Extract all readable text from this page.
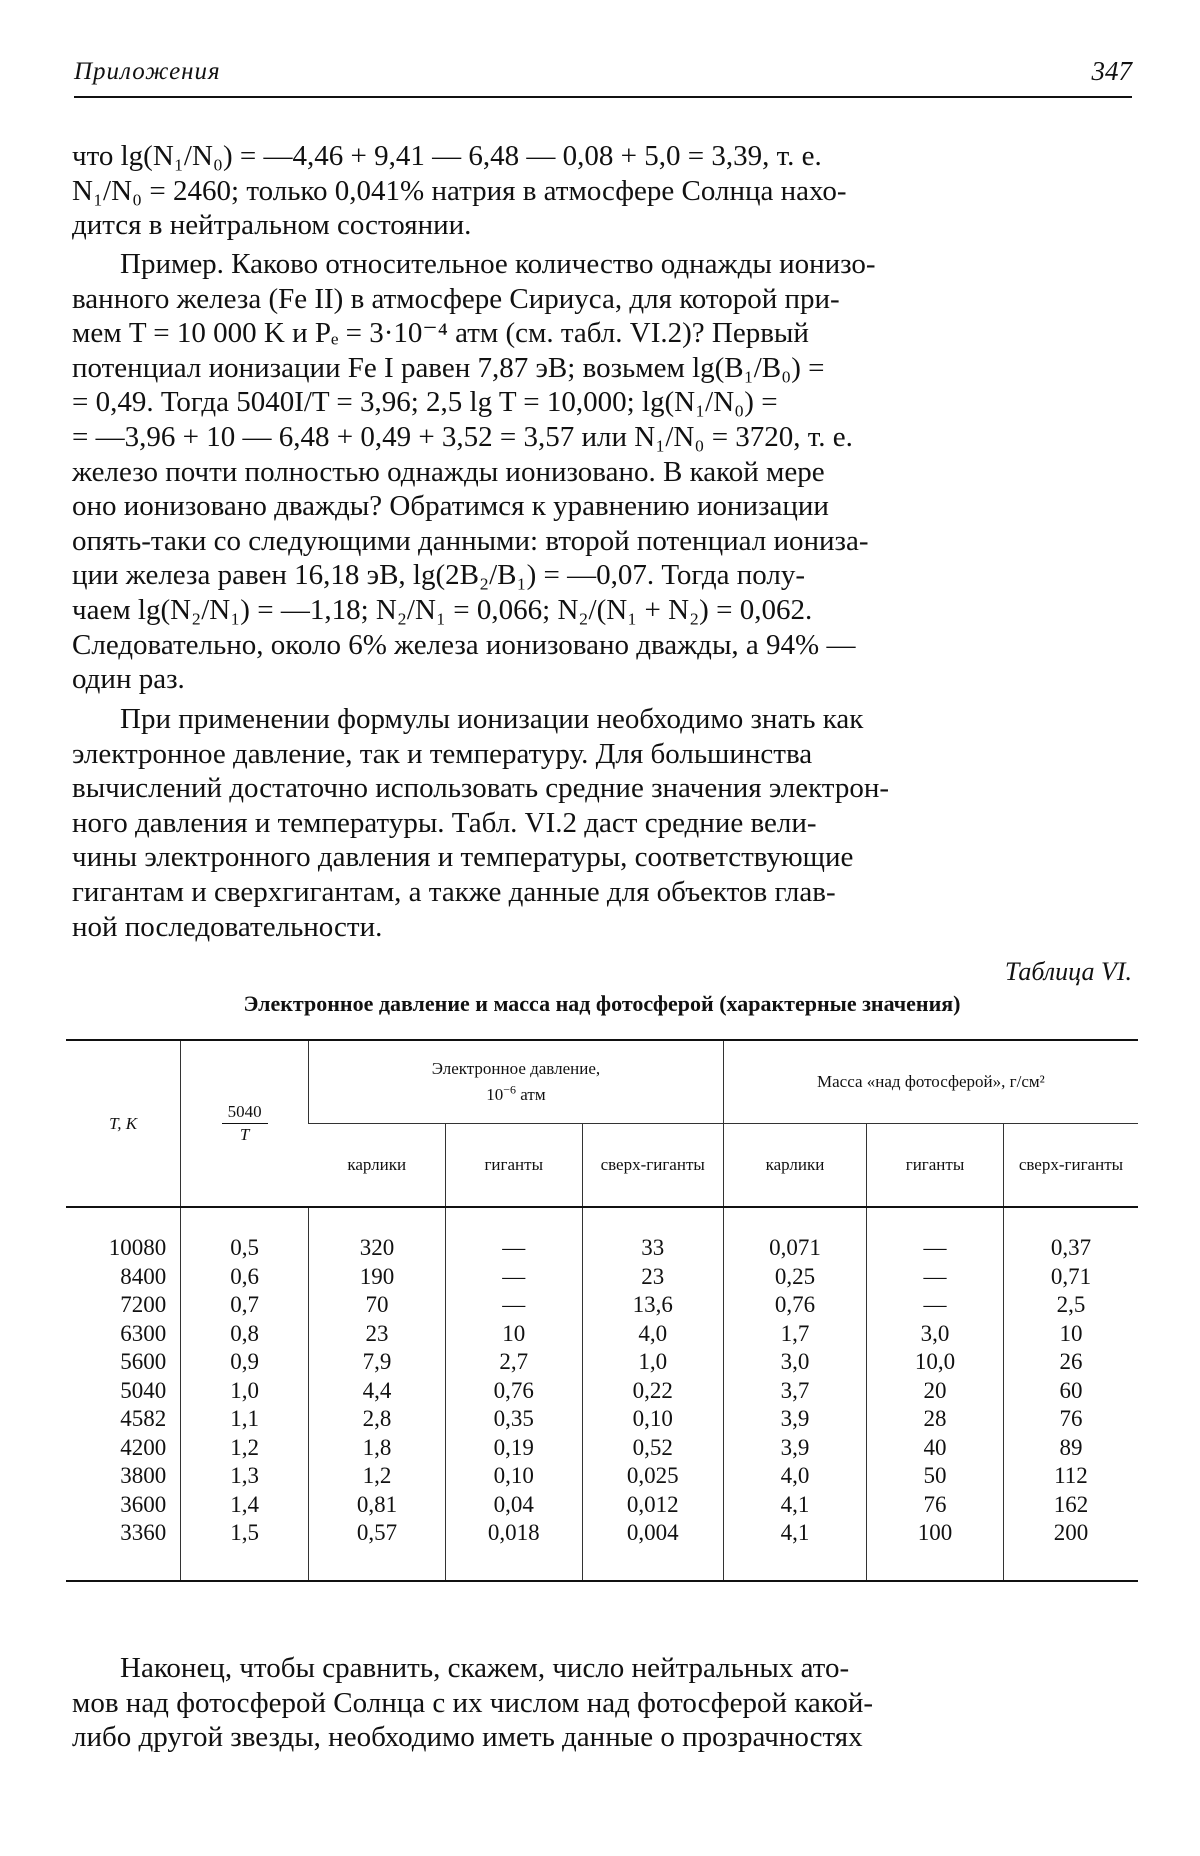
Приложения	347

что lg(N₁/N₀) = —4,46 + 9,41 — 6,48 — 0,08 + 5,0 = 3,39, т. е.
N₁/N₀ = 2460; только 0,041% натрия в атмосфере Солнца нахо-
дится в нейтральном состоянии.

Пример. Каково относительное количество однажды ионизо-
ванного железа (Fe II) в атмосфере Сириуса, для которой при-
мем T = 10 000 K и Pₑ = 3·10⁻⁴ атм (см. табл. VI.2)? Первый
потенциал ионизации Fe I равен 7,87 эВ; возьмем lg(B₁/B₀) =
= 0,49. Тогда 5040I/T = 3,96; 2,5 lg T = 10,000; lg(N₁/N₀) =
= —3,96 + 10 — 6,48 + 0,49 + 3,52 = 3,57 или N₁/N₀ = 3720, т. е.
железо почти полностью однажды ионизовано. В какой мере
оно ионизовано дважды? Обратимся к уравнению ионизации
опять-таки со следующими данными: второй потенциал иониза-
ции железа равен 16,18 эВ, lg(2B₂/B₁) = —0,07. Тогда полу-
чаем lg(N₂/N₁) = —1,18; N₂/N₁ = 0,066; N₂/(N₁ + N₂) = 0,062.
Следовательно, около 6% железа ионизовано дважды, а 94% —
один раз.

При применении формулы ионизации необходимо знать как
электронное давление, так и температуру. Для большинства
вычислений достаточно использовать средние значения электрон-
ного давления и температуры. Табл. VI.2 даст средние вели-
чины электронного давления и температуры, соответствующие
гигантам и сверхгигантам, а также данные для объектов глав-
ной последовательности.

Таблица VI.

Электронное давление и масса над фотосферой (характерные значения)

T, K	$\frac{5040}{T}$	Электронное давление,
$10^{-6}$ атм			Масса «над фотосферой», г/см²		
		карлики	гиганты	сверх-гиганты	карлики	гиганты	сверх-гиганты
10080	0,5	320	—	33	0,071	—	0,37
8400	0,6	190	—	23	0,25	—	0,71
7200	0,7	70	—	13,6	0,76	—	2,5
6300	0,8	23	10	4,0	1,7	3,0	10
5600	0,9	7,9	2,7	1,0	3,0	10,0	26
5040	1,0	4,4	0,76	0,22	3,7	20	60
4582	1,1	2,8	0,35	0,10	3,9	28	76
4200	1,2	1,8	0,19	0,52	3,9	40	89
3800	1,3	1,2	0,10	0,025	4,0	50	112
3600	1,4	0,81	0,04	0,012	4,1	76	162
3360	1,5	0,57	0,018	0,004	4,1	100	200

Наконец, чтобы сравнить, скажем, число нейтральных ато-
мов над фотосферой Солнца с их числом над фотосферой какой-
либо другой звезды, необходимо иметь данные о прозрачностях
